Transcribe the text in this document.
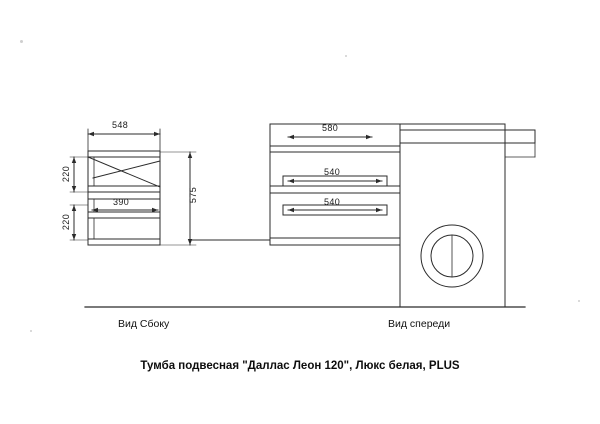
548
390
220
220
575
580
540
540
Вид Сбоку	Вид спереди
Тумба подвесная "Даллас Леон 120", Люкс белая, PLUS
